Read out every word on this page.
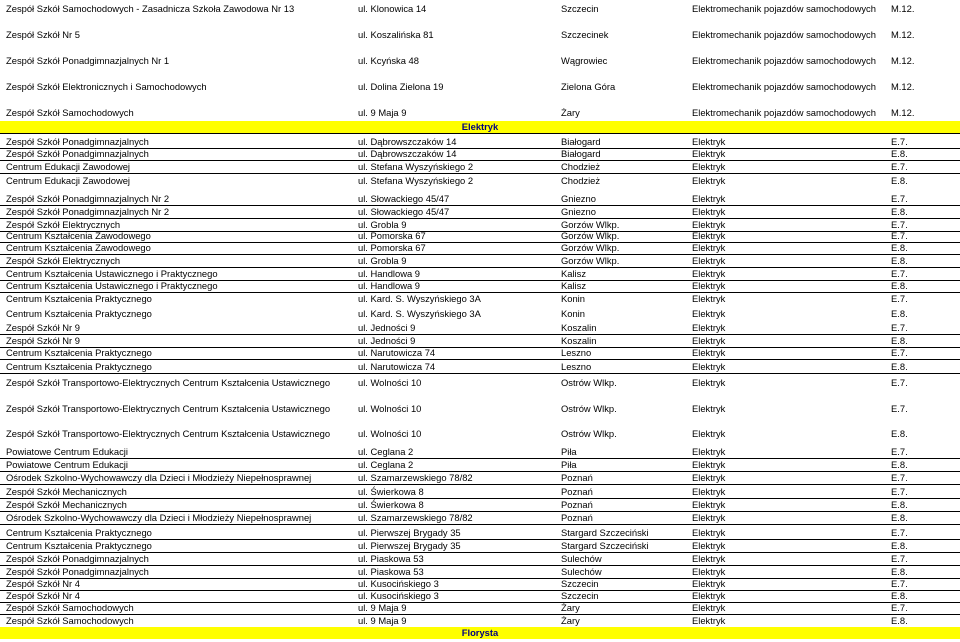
Zespół Szkół Samochodowych - Zasadnicza Szkoła Zawodowa Nr 13	ul. Klonowica 14	Szczecin	Elektromechanik pojazdów samochodowych	M.12.
Zespół Szkół Nr 5	ul. Koszalińska 81	Szczecinek	Elektromechanik pojazdów samochodowych	M.12.
Zespół Szkół Ponadgimnazjalnych Nr 1	ul. Kcyńska 48	Wągrowiec	Elektromechanik pojazdów samochodowych	M.12.
Zespół Szkół Elektronicznych i Samochodowych	ul. Dolina Zielona 19	Zielona Góra	Elektromechanik pojazdów samochodowych	M.12.
Zespół Szkół Samochodowych	ul. 9 Maja 9	Żary	Elektromechanik pojazdów samochodowych	M.12.
Elektryk
Zespół Szkół Ponadgimnazjalnych	ul. Dąbrowszczaków 14	Białogard	Elektryk	E.7.
Zespół Szkół Ponadgimnazjalnych	ul. Dąbrowszczaków 14	Białogard	Elektryk	E.8.
Centrum Edukacji Zawodowej	ul. Stefana Wyszyńskiego 2	Chodzież	Elektryk	E.7.
Centrum Edukacji Zawodowej	ul. Stefana Wyszyńskiego 2	Chodzież	Elektryk	E.8.
Zespół Szkół Ponadgimnazjalnych Nr 2	ul. Słowackiego 45/47	Gniezno	Elektryk	E.7.
Zespół Szkół Ponadgimnazjalnych Nr 2	ul. Słowackiego 45/47	Gniezno	Elektryk	E.8.
Zespół Szkół Elektrycznych	ul. Grobla 9	Gorzów Wlkp.	Elektryk	E.7.
Centrum Kształcenia Zawodowego	ul. Pomorska 67	Gorzów Wlkp.	Elektryk	E.7.
Centrum Kształcenia Zawodowego	ul. Pomorska 67	Gorzów Wlkp.	Elektryk	E.8.
Zespół Szkół Elektrycznych	ul. Grobla 9	Gorzów Wlkp.	Elektryk	E.8.
Centrum Kształcenia Ustawicznego i Praktycznego	ul. Handlowa 9	Kalisz	Elektryk	E.7.
Centrum Kształcenia Ustawicznego i Praktycznego	ul. Handlowa 9	Kalisz	Elektryk	E.8.
Centrum Kształcenia Praktycznego	ul. Kard. S. Wyszyńskiego 3A	Konin	Elektryk	E.7.
Centrum Kształcenia Praktycznego	ul. Kard. S. Wyszyńskiego 3A	Konin	Elektryk	E.8.
Zespół Szkół Nr 9	ul. Jedności 9	Koszalin	Elektryk	E.7.
Zespół Szkół Nr 9	ul. Jedności 9	Koszalin	Elektryk	E.8.
Centrum Kształcenia Praktycznego	ul. Narutowicza 74	Leszno	Elektryk	E.7.
Centrum Kształcenia Praktycznego	ul. Narutowicza 74	Leszno	Elektryk	E.8.
Zespół Szkół Transportowo-Elektrycznych Centrum Kształcenia Ustawicznego	ul. Wolności 10	Ostrów Wlkp.	Elektryk	E.7.
Zespół Szkół Transportowo-Elektrycznych Centrum Kształcenia Ustawicznego	ul. Wolności 10	Ostrów Wlkp.	Elektryk	E.7.
Zespół Szkół Transportowo-Elektrycznych Centrum Kształcenia Ustawicznego	ul. Wolności 10	Ostrów Wlkp.	Elektryk	E.8.
Powiatowe Centrum Edukacji	ul. Ceglana 2	Piła	Elektryk	E.7.
Powiatowe Centrum Edukacji	ul. Ceglana 2	Piła	Elektryk	E.8.
Ośrodek Szkolno-Wychowawczy dla Dzieci i Młodzieży Niepełnosprawnej	ul. Szamarzewskiego 78/82	Poznań	Elektryk	E.7.
Zespół Szkół Mechanicznych	ul. Świerkowa 8	Poznań	Elektryk	E.7.
Zespół Szkół Mechanicznych	ul. Świerkowa 8	Poznań	Elektryk	E.8.
Ośrodek Szkolno-Wychowawczy dla Dzieci i Młodzieży Niepełnosprawnej	ul. Szamarzewskiego 78/82	Poznań	Elektryk	E.8.
Centrum Kształcenia Praktycznego	ul. Pierwszej Brygady 35	Stargard Szczeciński	Elektryk	E.7.
Centrum Kształcenia Praktycznego	ul. Pierwszej Brygady 35	Stargard Szczeciński	Elektryk	E.8.
Zespół Szkół Ponadgimnazjalnych	ul. Piaskowa 53	Sulechów	Elektryk	E.7.
Zespół Szkół Ponadgimnazjalnych	ul. Piaskowa 53	Sulechów	Elektryk	E.8.
Zespół Szkół Nr 4	ul. Kusocińskiego 3	Szczecin	Elektryk	E.7.
Zespół Szkół Nr 4	ul. Kusocińskiego 3	Szczecin	Elektryk	E.8.
Zespół Szkół Samochodowych	ul. 9 Maja 9	Żary	Elektryk	E.7.
Zespół Szkół Samochodowych	ul. 9 Maja 9	Żary	Elektryk	E.8.
Florysta
